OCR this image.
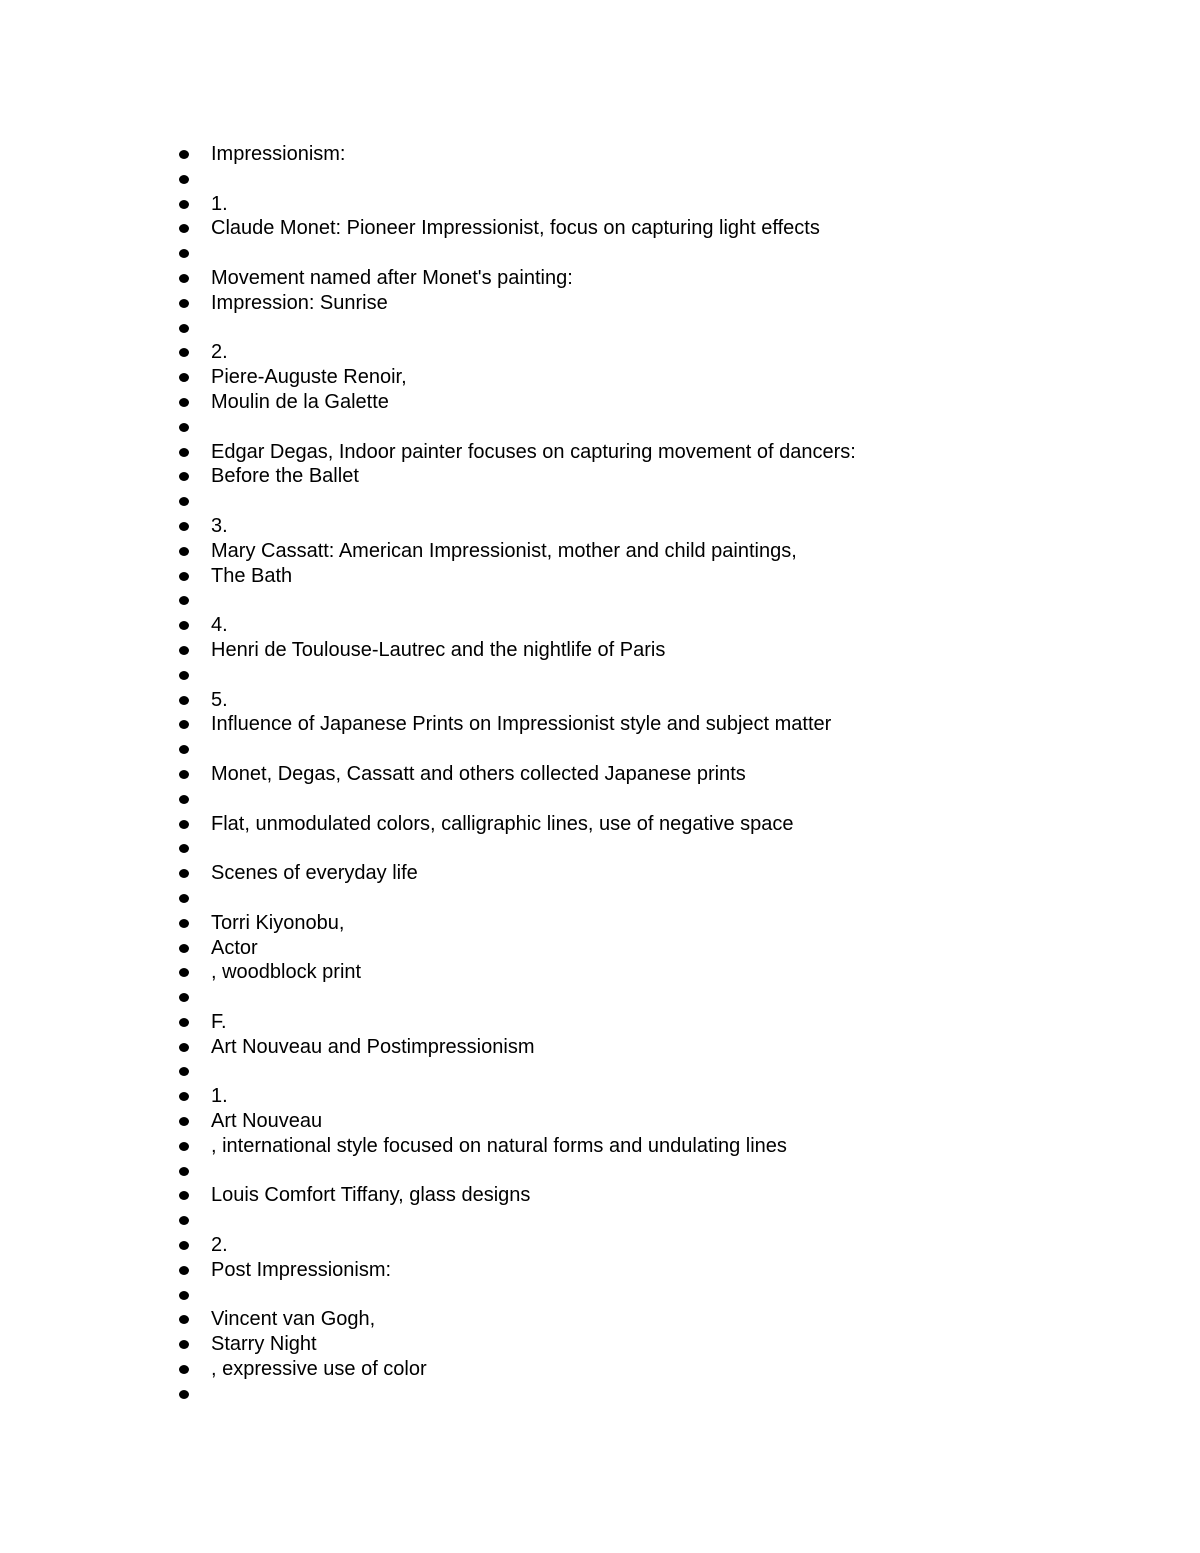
Impressionism:
1.
Claude Monet: Pioneer Impressionist, focus on capturing light effects
Movement named after Monet's painting:
Impression: Sunrise
2.
Piere-Auguste Renoir,
Moulin de la Galette
Edgar Degas, Indoor painter focuses on capturing movement of dancers:
Before the Ballet
3.
Mary Cassatt: American Impressionist, mother and child paintings,
The Bath
4.
Henri de Toulouse-Lautrec and the nightlife of Paris
5.
Influence of Japanese Prints on Impressionist style and subject matter
Monet, Degas, Cassatt and others collected Japanese prints
Flat, unmodulated colors, calligraphic lines, use of negative space
Scenes of everyday life
Torri Kiyonobu,
Actor
, woodblock print
F.
Art Nouveau and Postimpressionism
1.
Art Nouveau
, international style focused on natural forms and undulating lines
Louis Comfort Tiffany, glass designs
2.
Post Impressionism:
Vincent van Gogh,
Starry Night
, expressive use of color
